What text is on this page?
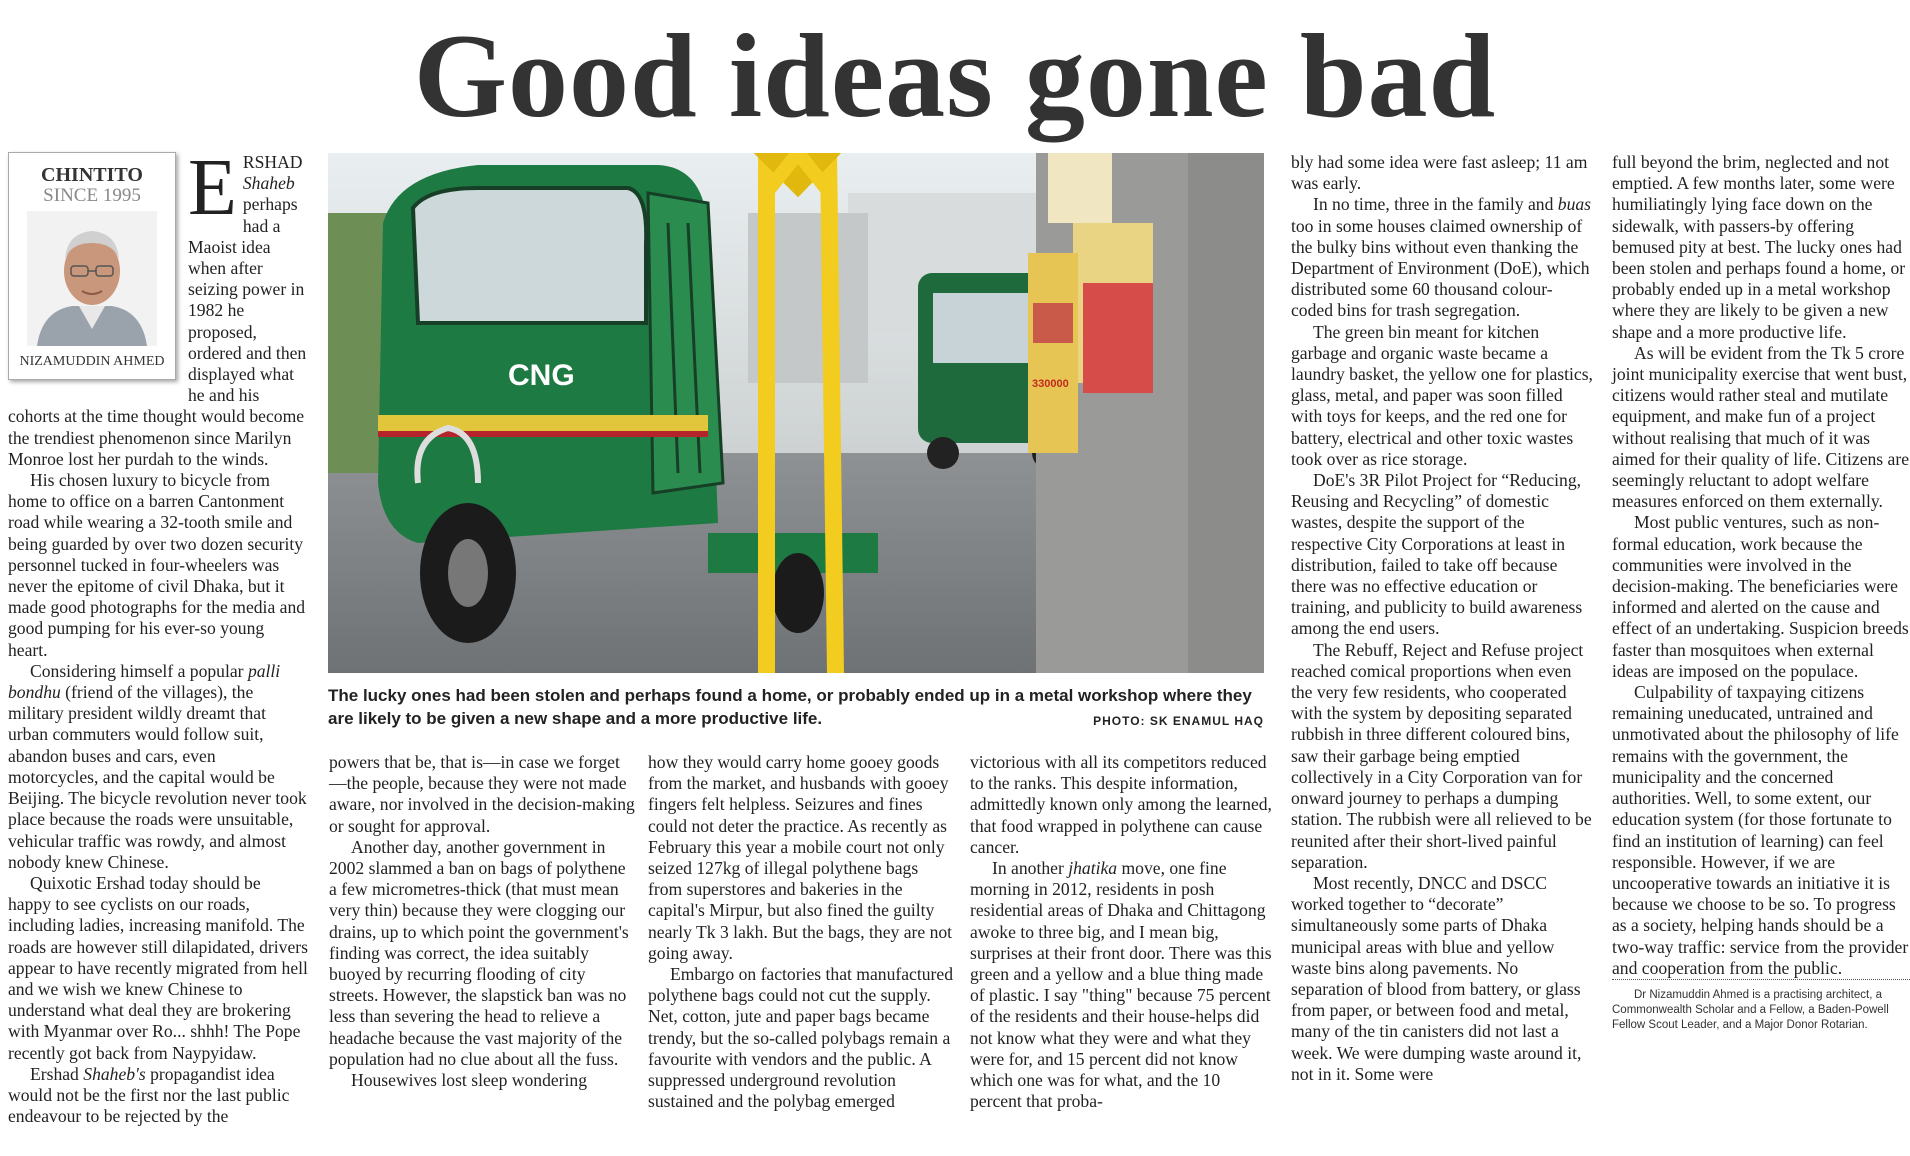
Good ideas gone bad
CHINTITO
SINCE 1995
NIZAMUDDIN AHMED
E RSHAD Shaheb perhaps had a Maoist idea when after seizing power in 1982 he proposed, ordered and then displayed what he and his cohorts at the time thought would become the trendiest phenomenon since Marilyn Monroe lost her purdah to the winds.

His chosen luxury to bicycle from home to office on a barren Cantonment road while wearing a 32-tooth smile and being guarded by over two dozen security personnel tucked in four-wheelers was never the epitome of civil Dhaka, but it made good photographs for the media and good pumping for his ever-so young heart.

Considering himself a popular palli bondhu (friend of the villages), the military president wildly dreamt that urban commuters would follow suit, abandon buses and cars, even motorcycles, and the capital would be Beijing. The bicycle revolution never took place because the roads were unsuitable, vehicular traffic was rowdy, and almost nobody knew Chinese.

Quixotic Ershad today should be happy to see cyclists on our roads, including ladies, increasing manifold. The roads are however still dilapidated, drivers appear to have recently migrated from hell and we wish we knew Chinese to understand what deal they are brokering with Myanmar over Ro... shhh! The Pope recently got back from Naypyidaw.

Ershad Shaheb's propagandist idea would not be the first nor the last public endeavour to be rejected by the

CNG	330000
The lucky ones had been stolen and perhaps found a home, or probably ended up in a metal workshop where they are likely to be given a new shape and a more productive life.	PHOTO: SK ENAMUL HAQ

powers that be, that is—in case we forget—the people, because they were not made aware, nor involved in the decision-making or sought for approval.

Another day, another government in 2002 slammed a ban on bags of polythene a few micrometres-thick (that must mean very thin) because they were clogging our drains, up to which point the government's finding was correct, the idea suitably buoyed by recurring flooding of city streets. However, the slapstick ban was no less than severing the head to relieve a headache because the vast majority of the population had no clue about all the fuss.

Housewives lost sleep wondering

how they would carry home gooey goods from the market, and husbands with gooey fingers felt helpless. Seizures and fines could not deter the practice. As recently as February this year a mobile court not only seized 127kg of illegal polythene bags from superstores and bakeries in the capital's Mirpur, but also fined the guilty nearly Tk 3 lakh. But the bags, they are not going away.

Embargo on factories that manufactured polythene bags could not cut the supply. Net, cotton, jute and paper bags became trendy, but the so-called polybags remain a favourite with vendors and the public. A suppressed underground revolution sustained and the polybag emerged

victorious with all its competitors reduced to the ranks. This despite information, admittedly known only among the learned, that food wrapped in polythene can cause cancer.

In another jhatika move, one fine morning in 2012, residents in posh residential areas of Dhaka and Chittagong awoke to three big, and I mean big, surprises at their front door. There was this green and a yellow and a blue thing made of plastic. I say "thing" because 75 percent of the residents and their house-helps did not know what they were and what they were for, and 15 percent did not know which one was for what, and the 10 percent that proba-

bly had some idea were fast asleep; 11 am was early.

In no time, three in the family and buas too in some houses claimed ownership of the bulky bins without even thanking the Department of Environment (DoE), which distributed some 60 thousand colour-coded bins for trash segregation.

The green bin meant for kitchen garbage and organic waste became a laundry basket, the yellow one for plastics, glass, metal, and paper was soon filled with toys for keeps, and the red one for battery, electrical and other toxic wastes took over as rice storage.

DoE's 3R Pilot Project for “Reducing, Reusing and Recycling” of domestic wastes, despite the support of the respective City Corporations at least in distribution, failed to take off because there was no effective education or training, and publicity to build awareness among the end users.

The Rebuff, Reject and Refuse project reached comical proportions when even the very few residents, who cooperated with the system by depositing separated rubbish in three different coloured bins, saw their garbage being emptied collectively in a City Corporation van for onward journey to perhaps a dumping station. The rubbish were all relieved to be reunited after their short-lived painful separation.

Most recently, DNCC and DSCC worked together to “decorate” simultaneously some parts of Dhaka municipal areas with blue and yellow waste bins along pavements. No separation of blood from battery, or glass from paper, or between food and metal, many of the tin canisters did not last a week. We were dumping waste around it, not in it. Some were

full beyond the brim, neglected and not emptied. A few months later, some were humiliatingly lying face down on the sidewalk, with passers-by offering bemused pity at best. The lucky ones had been stolen and perhaps found a home, or probably ended up in a metal workshop where they are likely to be given a new shape and a more productive life.

As will be evident from the Tk 5 crore joint municipality exercise that went bust, citizens would rather steal and mutilate equipment, and make fun of a project without realising that much of it was aimed for their quality of life. Citizens are seemingly reluctant to adopt welfare measures enforced on them externally.

Most public ventures, such as non-formal education, work because the communities were involved in the decision-making. The beneficiaries were informed and alerted on the cause and effect of an undertaking. Suspicion breeds faster than mosquitoes when external ideas are imposed on the populace.

Culpability of taxpaying citizens remaining uneducated, untrained and unmotivated about the philosophy of life remains with the government, the municipality and the concerned authorities. Well, to some extent, our education system (for those fortunate to find an institution of learning) can feel responsible. However, if we are uncooperative towards an initiative it is because we choose to be so. To progress as a society, helping hands should be a two-way traffic: service from the provider and cooperation from the public.

Dr Nizamuddin Ahmed is a practising architect, a Commonwealth Scholar and a Fellow, a Baden-Powell Fellow Scout Leader, and a Major Donor Rotarian.
